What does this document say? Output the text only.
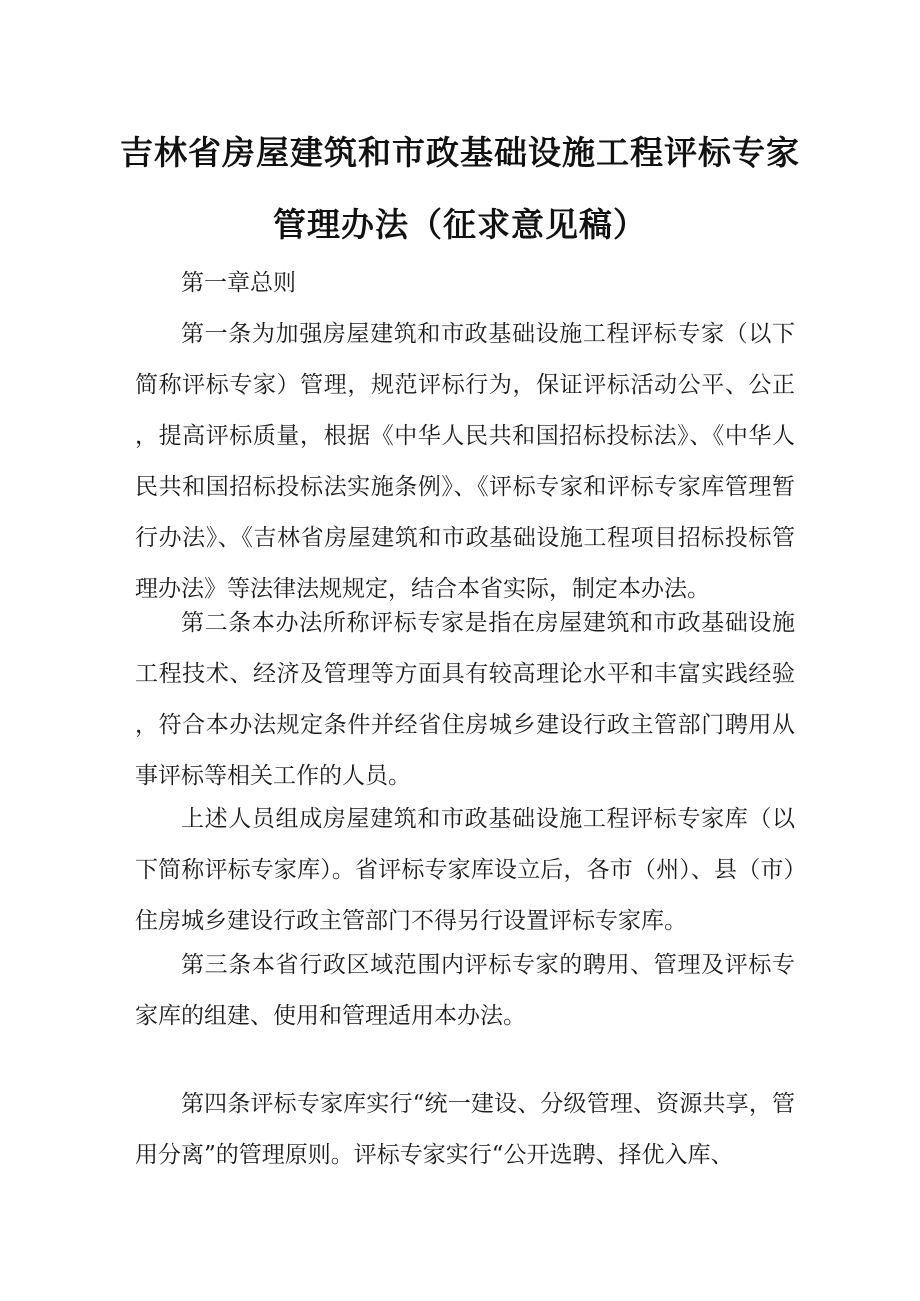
吉林省房屋建筑和市政基础设施工程评标专家
管理办法（征求意见稿）
第一章总则

第一条为加强房屋建筑和市政基础设施工程评标专家（以下简称评标专家）管理，规范评标行为，保证评标活动公平、公正，提高评标质量，根据《中华人民共和国招标投标法》、《中华人民共和国招标投标法实施条例》、《评标专家和评标专家库管理暂行办法》、《吉林省房屋建筑和市政基础设施工程项目招标投标管理办法》等法律法规规定，结合本省实际，制定本办法。

第二条本办法所称评标专家是指在房屋建筑和市政基础设施工程技术、经济及管理等方面具有较高理论水平和丰富实践经验，符合本办法规定条件并经省住房城乡建设行政主管部门聘用从事评标等相关工作的人员。

上述人员组成房屋建筑和市政基础设施工程评标专家库（以下简称评标专家库）。省评标专家库设立后，各市（州）、县（市）住房城乡建设行政主管部门不得另行设置评标专家库。

第三条本省行政区域范围内评标专家的聘用、管理及评标专家库的组建、使用和管理适用本办法。

第四条评标专家库实行“统一建设、分级管理、资源共享，管用分离”的管理原则。评标专家实行“公开选聘、择优入库、
